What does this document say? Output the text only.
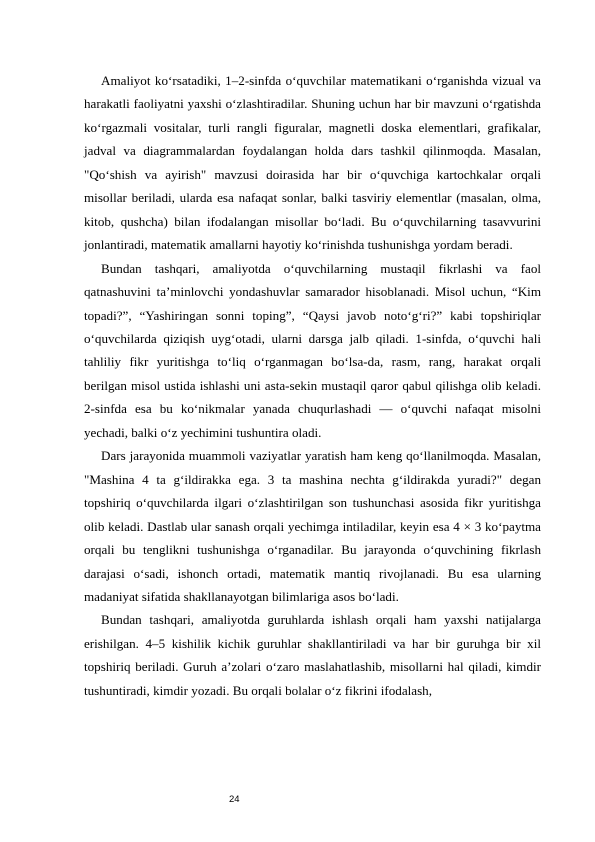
Amaliyot ko‘rsatadiki, 1–2-sinfda o‘quvchilar matematikani o‘rganishda vizual va harakatli faoliyatni yaxshi o‘zlashtiradilar. Shuning uchun har bir mavzuni o‘rgatishda ko‘rgazmali vositalar, turli rangli figuralar, magnetli doska elementlari, grafikalar, jadval va diagrammalardan foydalangan holda dars tashkil qilinmoqda. Masalan, "Qo‘shish va ayirish" mavzusi doirasida har bir o‘quvchiga kartochkalar orqali misollar beriladi, ularda esa nafaqat sonlar, balki tasviriy elementlar (masalan, olma, kitob, qushcha) bilan ifodalangan misollar bo‘ladi. Bu o‘quvchilarning tasavvurini jonlantiradi, matematik amallarni hayotiy ko‘rinishda tushunishga yordam beradi.

Bundan tashqari, amaliyotda o‘quvchilarning mustaqil fikrlashi va faol qatnashuvini ta’minlovchi yondashuvlar samarador hisoblanadi. Misol uchun, “Kim topadi?”, “Yashiringan sonni toping”, “Qaysi javob noto‘g‘ri?” kabi topshiriqlar o‘quvchilarda qiziqish uyg‘otadi, ularni darsga jalb qiladi. 1-sinfda, o‘quvchi hali tahliliy fikr yuritishga to‘liq o‘rganmagan bo‘lsa-da, rasm, rang, harakat orqali berilgan misol ustida ishlashi uni asta-sekin mustaqil qaror qabul qilishga olib keladi. 2-sinfda esa bu ko‘nikmalar yanada chuqurlashadi — o‘quvchi nafaqat misolni yechadi, balki o‘z yechimini tushuntira oladi.

Dars jarayonida muammoli vaziyatlar yaratish ham keng qo‘llanilmoqda. Masalan, "Mashina 4 ta g‘ildirakka ega. 3 ta mashina nechta g‘ildirakda yuradi?" degan topshiriq o‘quvchilarda ilgari o‘zlashtirilgan son tushunchasi asosida fikr yuritishga olib keladi. Dastlab ular sanash orqali yechimga intiladilar, keyin esa 4 × 3 ko‘paytma orqali bu tenglikni tushunishga o‘rganadilar. Bu jarayonda o‘quvchining fikrlash darajasi o‘sadi, ishonch ortadi, matematik mantiq rivojlanadi. Bu esa ularning madaniyat sifatida shakllanayotgan bilimlariga asos bo‘ladi.

Bundan tashqari, amaliyotda guruhlarda ishlash orqali ham yaxshi natijalarga erishilgan. 4–5 kishilik kichik guruhlar shakllantiriladi va har bir guruhga bir xil topshiriq beriladi. Guruh a’zolari o‘zaro maslahatlashib, misollarni hal qiladi, kimdir tushuntiradi, kimdir yozadi. Bu orqali bolalar o‘z fikrini ifodalash,

24
